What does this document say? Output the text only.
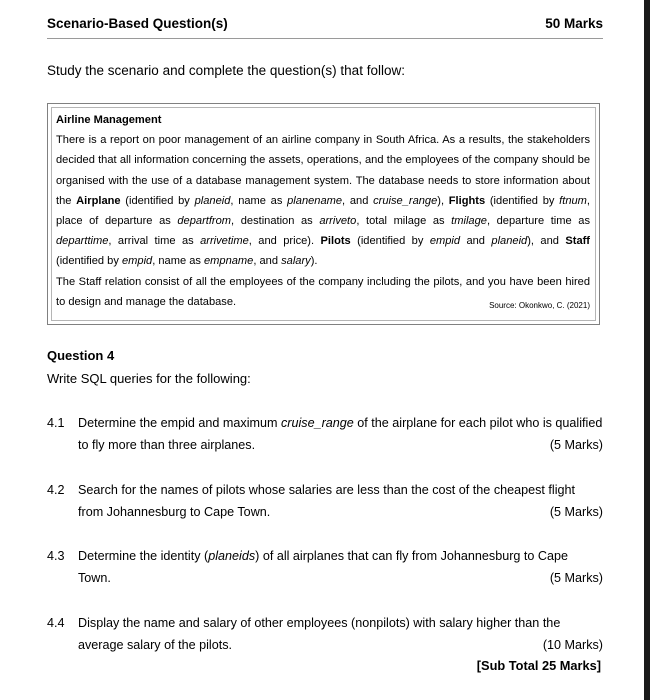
Scenario-Based Question(s)	50 Marks
Study the scenario and complete the question(s) that follow:
Airline Management
There is a report on poor management of an airline company in South Africa. As a results, the stakeholders decided that all information concerning the assets, operations, and the employees of the company should be organised with the use of a database management system. The database needs to store information about the Airplane (identified by planeid, name as planename, and cruise_range), Flights (identified by ftnum, place of departure as departfrom, destination as arriveto, total milage as tmilage, departure time as departtime, arrival time as arrivetime, and price). Pilots (identified by empid and planeid), and Staff (identified by empid, name as empname, and salary).
The Staff relation consist of all the employees of the company including the pilots, and you have been hired to design and manage the database.	Source: Okonkwo, C. (2021)
Question 4
Write SQL queries for the following:
4.1 Determine the empid and maximum cruise_range of the airplane for each pilot who is qualified to fly more than three airplanes.	(5 Marks)
4.2 Search for the names of pilots whose salaries are less than the cost of the cheapest flight from Johannesburg to Cape Town.	(5 Marks)
4.3 Determine the identity (planeids) of all airplanes that can fly from Johannesburg to Cape Town.	(5 Marks)
4.4 Display the name and salary of other employees (nonpilots) with salary higher than the average salary of the pilots.	(10 Marks)
[Sub Total 25 Marks]
